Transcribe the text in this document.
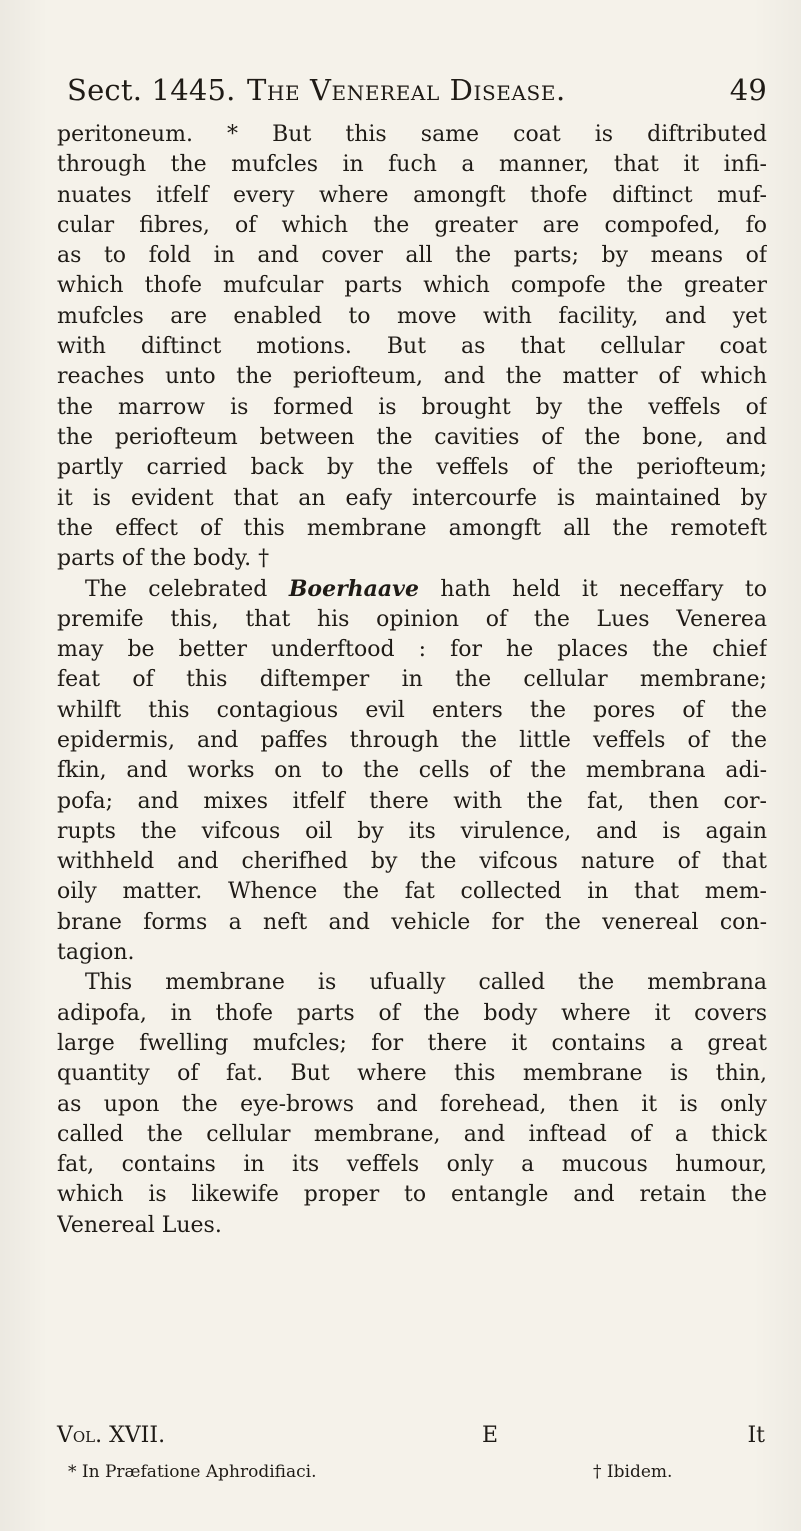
Sect. 1445. The Venereal Disease.	49
peritoneum. * But this same coat is diftributed
through the mufcles in fuch a manner, that it infi-
nuates itfelf every where amongft thofe diftinct muf-
cular fibres, of which the greater are compofed, fo
as to fold in and cover all the parts; by means of
which thofe mufcular parts which compofe the greater
mufcles are enabled to move with facility, and yet
with diftinct motions. But as that cellular coat
reaches unto the periofteum, and the matter of which
the marrow is formed is brought by the veffels of
the periofteum between the cavities of the bone, and
partly carried back by the veffels of the periofteum;
it is evident that an eafy intercourfe is maintained by
the effect of this membrane amongft all the remoteft
parts of the body. †
The celebrated Boerhaave hath held it neceffary to
premife this, that his opinion of the Lues Venerea
may be better underftood : for he places the chief
feat of this diftemper in the cellular membrane;
whilft this contagious evil enters the pores of the
epidermis, and paffes through the little veffels of the
fkin, and works on to the cells of the membrana adi-
pofa; and mixes itfelf there with the fat, then cor-
rupts the vifcous oil by its virulence, and is again
withheld and cherifhed by the vifcous nature of that
oily matter. Whence the fat collected in that mem-
brane forms a neft and vehicle for the venereal con-
tagion.
This membrane is ufually called the membrana
adipofa, in thofe parts of the body where it covers
large fwelling mufcles; for there it contains a great
quantity of fat. But where this membrane is thin,
as upon the eye-brows and forehead, then it is only
called the cellular membrane, and inftead of a thick
fat, contains in its veffels only a mucous humour,
which is likewife proper to entangle and retain the
Venereal Lues.
Vol. XVII.	E	It
* In Præfatione Aphrodifiaci.	† Ibidem.
